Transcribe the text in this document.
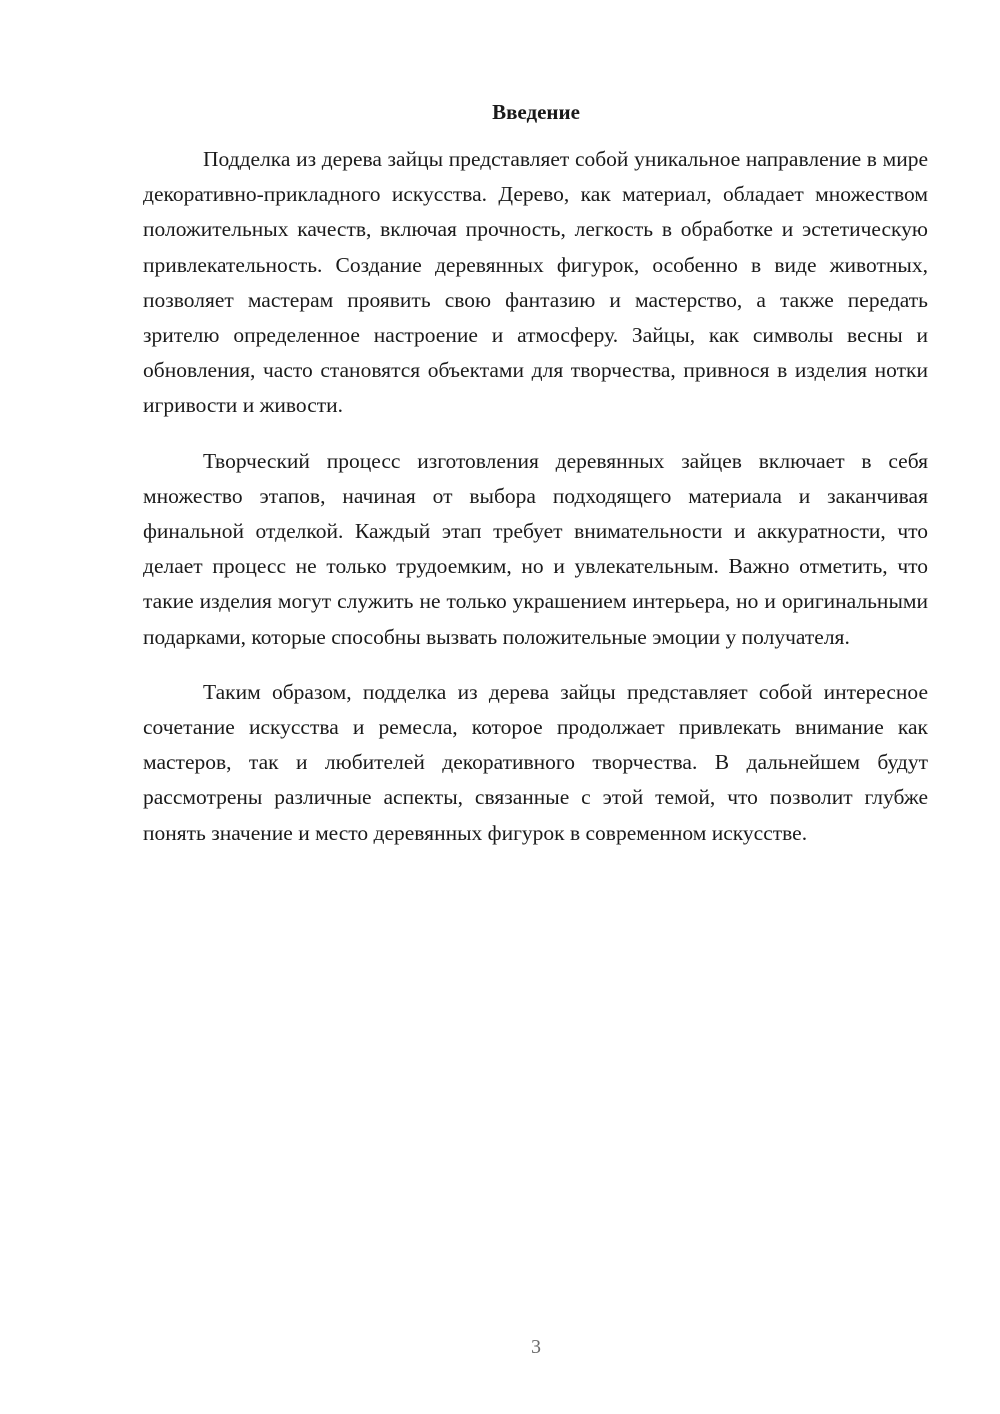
Введение

Подделка из дерева зайцы представляет собой уникальное направление в мире декоративно-прикладного искусства. Дерево, как материал, обладает множеством положительных качеств, включая прочность, легкость в обработке и эстетическую привлекательность. Создание деревянных фигурок, особенно в виде животных, позволяет мастерам проявить свою фантазию и мастерство, а также передать зрителю определенное настроение и атмосферу. Зайцы, как символы весны и обновления, часто становятся объектами для творчества, привнося в изделия нотки игривости и живости.

Творческий процесс изготовления деревянных зайцев включает в себя множество этапов, начиная от выбора подходящего материала и заканчивая финальной отделкой. Каждый этап требует внимательности и аккуратности, что делает процесс не только трудоемким, но и увлекательным. Важно отметить, что такие изделия могут служить не только украшением интерьера, но и оригинальными подарками, которые способны вызвать положительные эмоции у получателя.

Таким образом, подделка из дерева зайцы представляет собой интересное сочетание искусства и ремесла, которое продолжает привлекать внимание как мастеров, так и любителей декоративного творчества. В дальнейшем будут рассмотрены различные аспекты, связанные с этой темой, что позволит глубже понять значение и место деревянных фигурок в современном искусстве.

3
